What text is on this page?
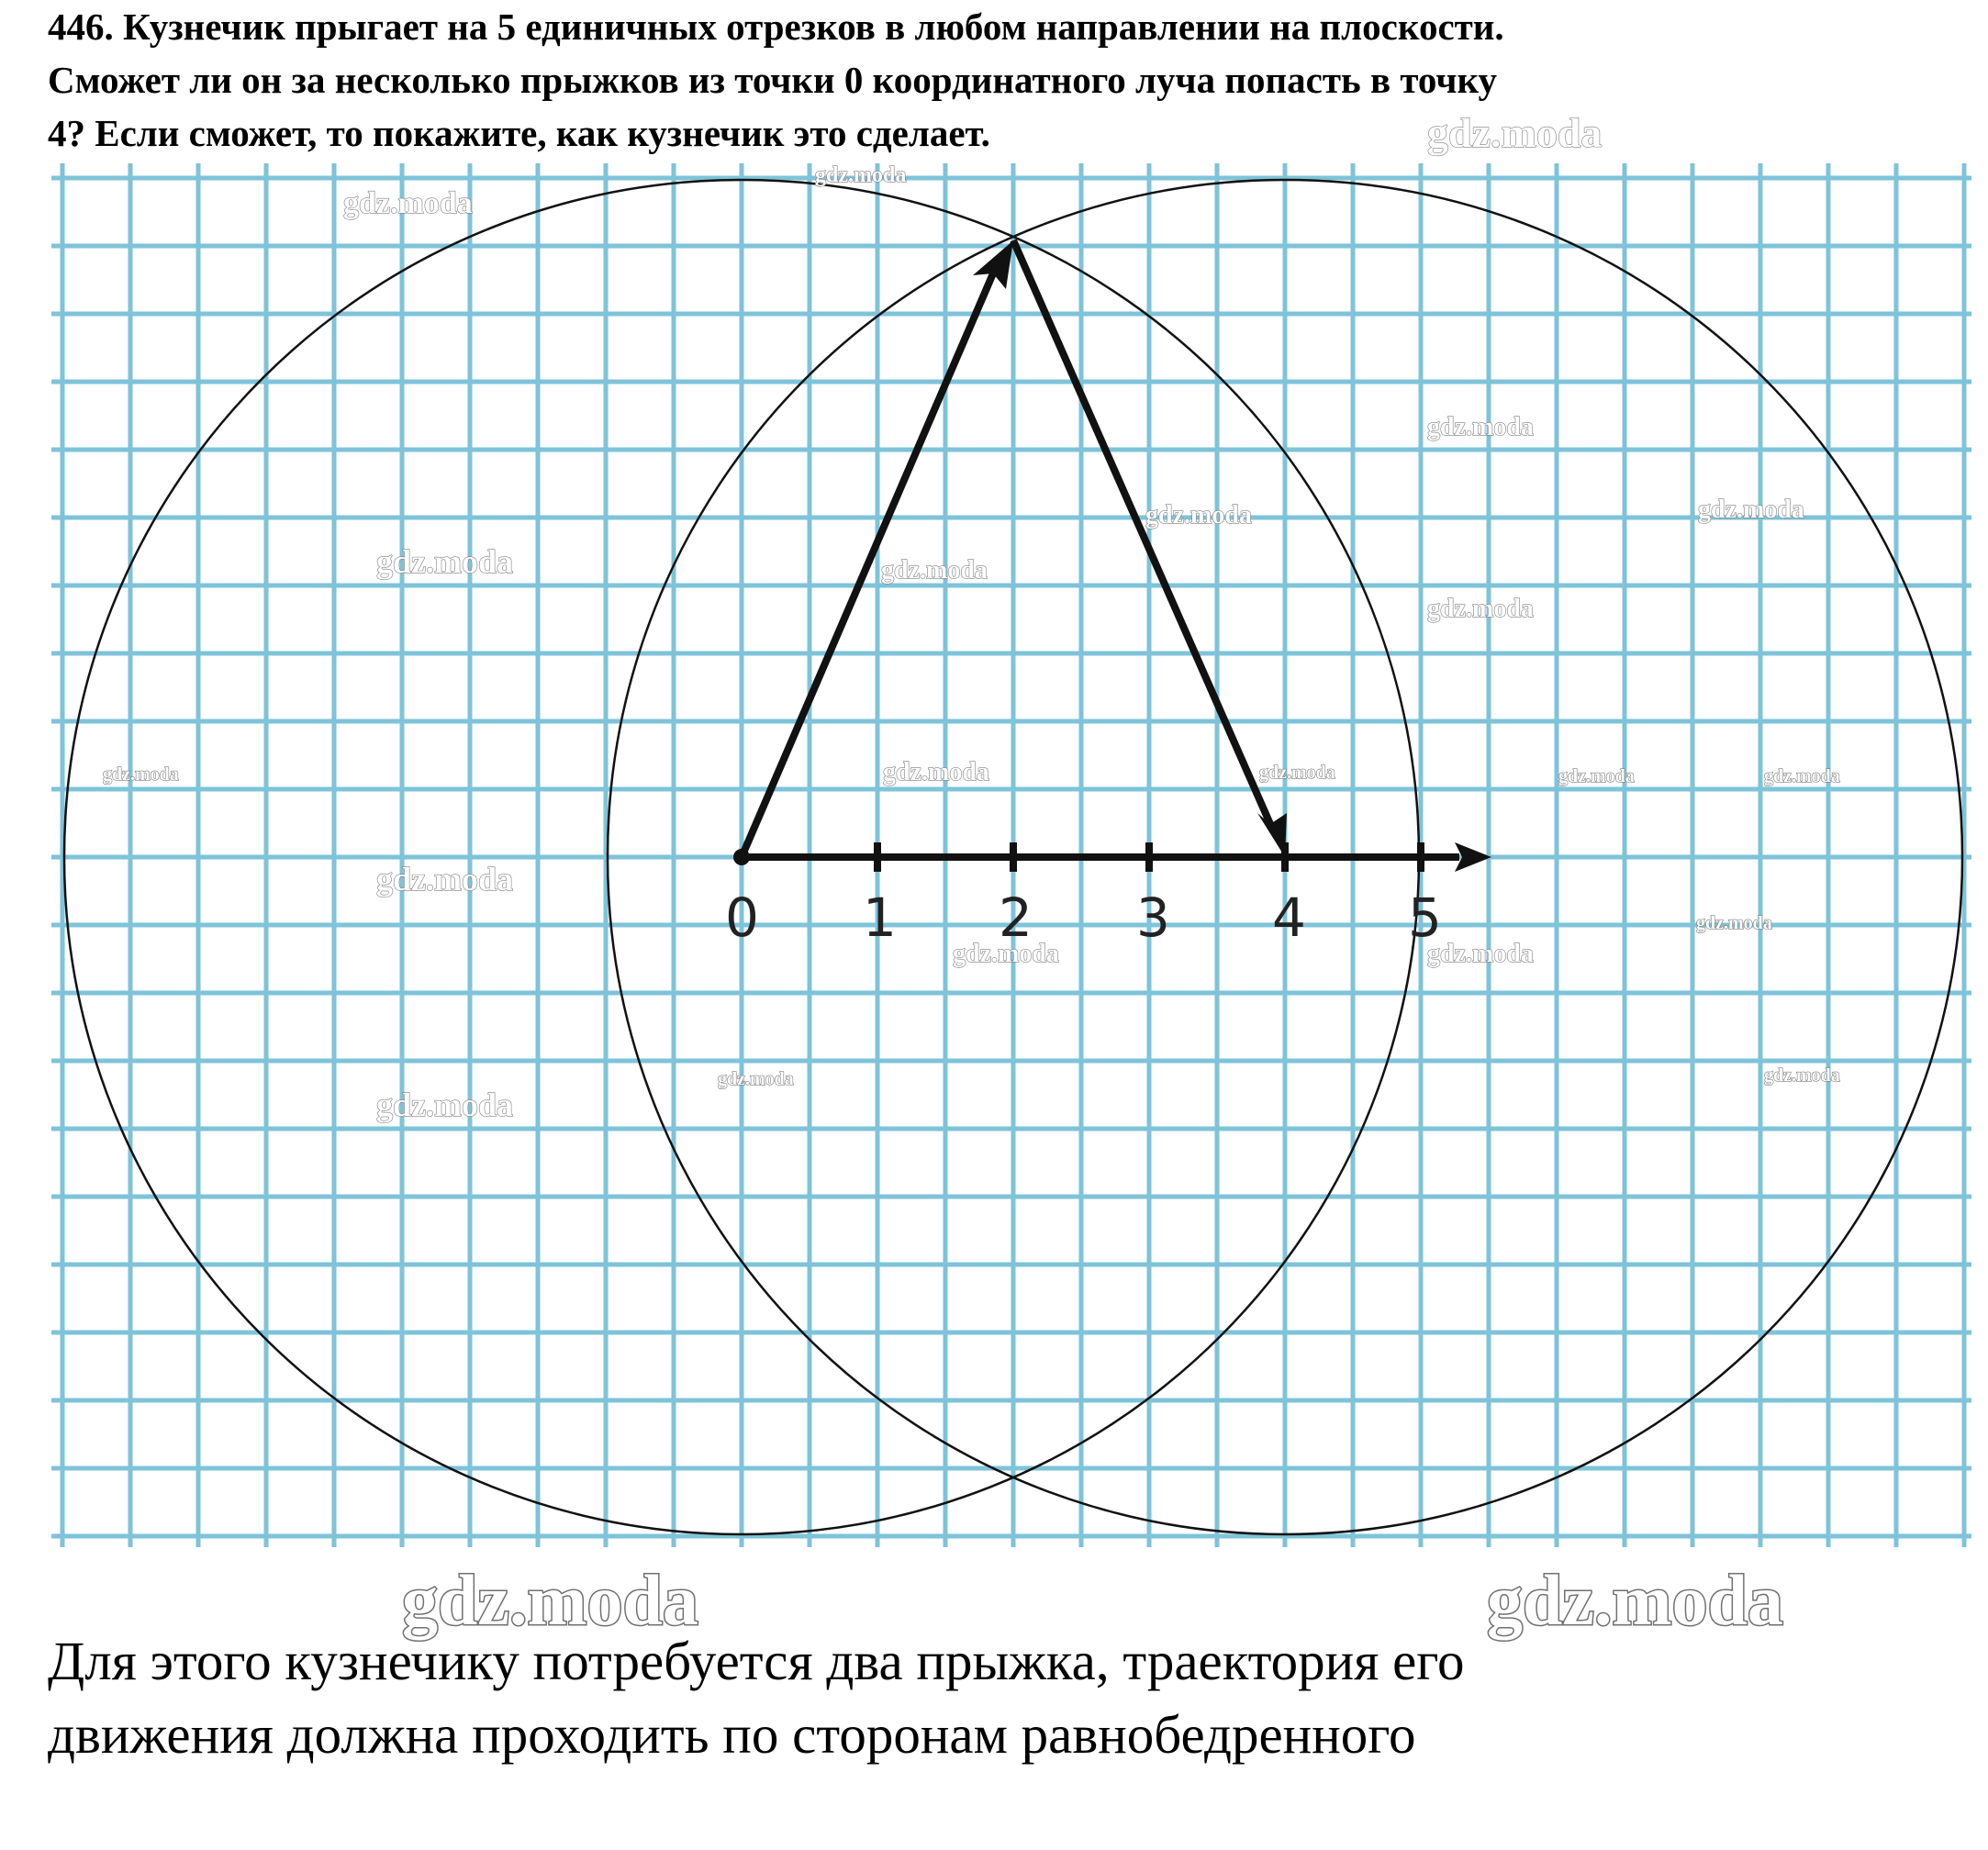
446. Кузнечик прыгает на 5 единичных отрезков в любом направлении на плоскости.
Сможет ли он за несколько прыжков из точки 0 координатного луча попасть в точку
4? Если сможет, то покажите, как кузнечик это сделает.
0 1 2 3 4 5
gdz.moda
gdz.moda
gdz.moda
gdz.moda
gdz.moda
gdz.moda
gdz.moda	gdz.moda
gdz.moda
gdz.moda	gdz.moda	gdz.moda	gdz.moda	gdz.moda
gdz.moda
gdz.moda
gdz.moda	gdz.moda
gdz.moda
gdz.moda
gdz.moda
gdz.moda	gdz.moda
Для этого кузнечику потребуется два прыжка, траектория его
движения должна проходить по сторонам равнобедренного
